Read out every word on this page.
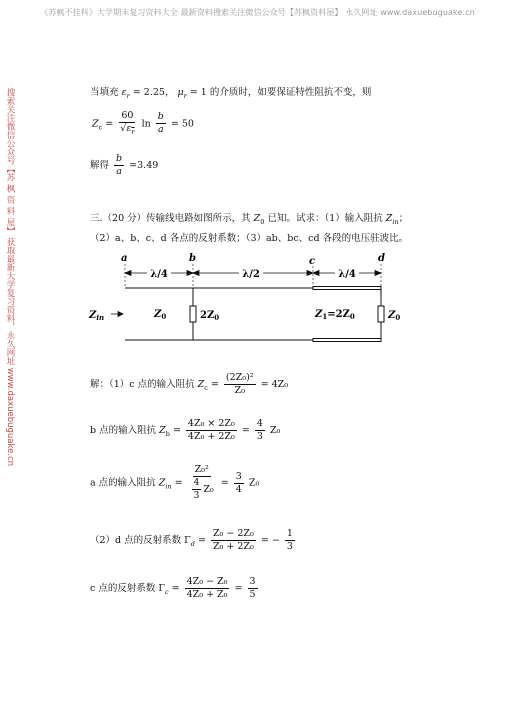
《苏枫不挂科》大学期末复习资料大全 最新资料搜索关注微信公众号【苏枫资料屋】 永久网址 www.daxuebuguake.cn
搜索关注微信公众号【苏 枫 资 料 屋】 获取最新大学复习资料，永久网址 www.daxuebuguake.cn	当填充 $\varepsilon_r = 2.25$， $\mu_r = 1$ 的介质时，如要保证特性阻抗不变，则
$Z_c = \frac{60}{√\varepsilon_r}$ $\ln \frac{b}{a} = 50$
解得 $\frac{b}{a} =3.49$
三.（20 分）传输线电路如图所示，其 $Z_0$ 已知。试求：（1）输入阻抗 $Z_{in}$；
（2）a、b、c、d 各点的反射系数；（3）ab、bc、cd 各段的电压驻波比。
a	b	c	d
λ/4	λ/2	λ/4
$Z_{in}$	$Z_0$	$2Z_0$	$Z_1=2Z_0$	$Z_0$
解：（1）c 点的输入阻抗 $Z_c = \frac{\text{(2Z₀)²}}{\text{Z₀}} = 4Z_0$
b 点的输入阻抗 $Z_b = \frac{\text{4Z₀ × 2Z₀}}{\text{4Z₀ + 2Z₀}} = \frac{4}{3} Z_0$
a 点的输入阻抗 $Z_{in} = \frac{\text{Z₀²}}{\frac{4}{3} Z_0} = \frac{3}{4} Z_0$
（2）d 点的反射系数 $\Gamma_d = \frac{\text{Z₀ − 2Z₀}}{\text{Z₀ + 2Z₀}}$ = − $\frac{1}{3}$
c 点的反射系数 $\Gamma_c = \frac{\text{4Z₀ − Z₀}}{\text{4Z₀ + Z₀}} = \frac{3}{5}$
